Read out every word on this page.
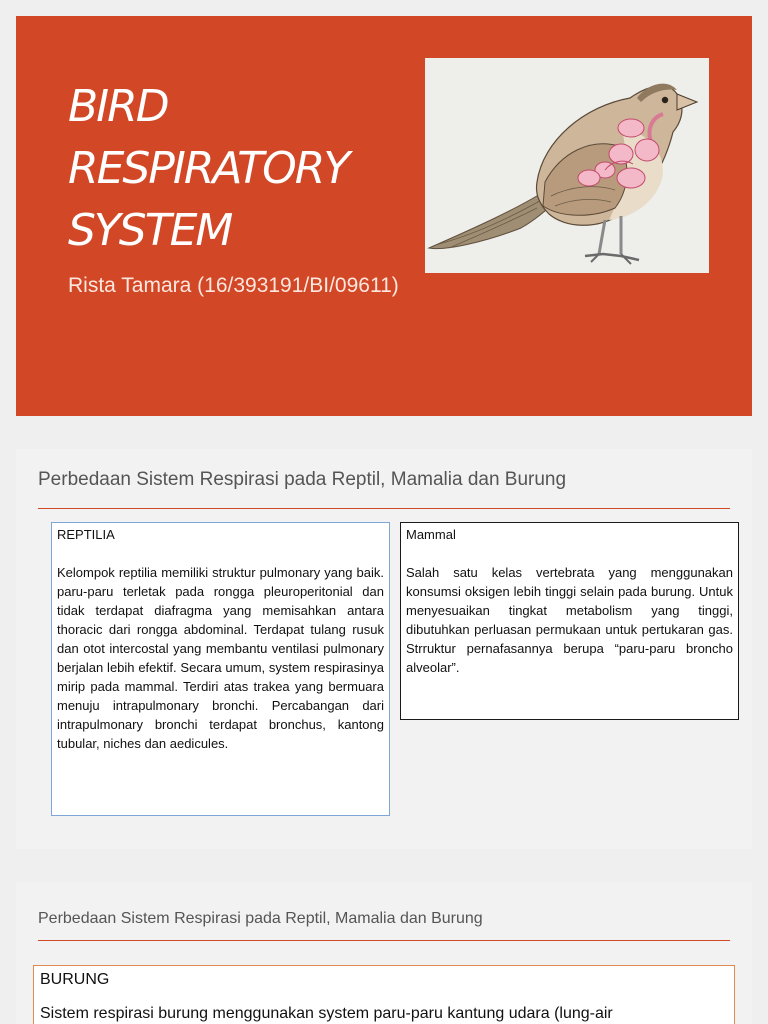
BIRD RESPIRATORY SYSTEM
Rista Tamara (16/393191/BI/09611)
Perbedaan Sistem Respirasi pada Reptil, Mamalia dan Burung

REPTILIA

Kelompok reptilia memiliki struktur pulmonary yang baik. paru-paru terletak pada rongga pleuroperitonial dan tidak terdapat diafragma yang memisahkan antara thoracic dari rongga abdominal. Terdapat tulang rusuk dan otot intercostal yang membantu ventilasi pulmonary berjalan lebih efektif. Secara umum, system respirasinya mirip pada mammal. Terdiri atas trakea yang bermuara menuju intrapulmonary bronchi. Percabangan dari intrapulmonary bronchi terdapat bronchus, kantong tubular, niches dan aedicules.

Mammal

Salah satu kelas vertebrata yang menggunakan konsumsi oksigen lebih tinggi selain pada burung. Untuk menyesuaikan tingkat metabolism yang tinggi, dibutuhkan perluasan permukaan untuk pertukaran gas. Strruktur pernafasannya berupa “paru-paru broncho alveolar”.

Perbedaan Sistem Respirasi pada Reptil, Mamalia dan Burung

BURUNG

Sistem respirasi burung menggunakan system paru-paru kantung udara (lung-air
